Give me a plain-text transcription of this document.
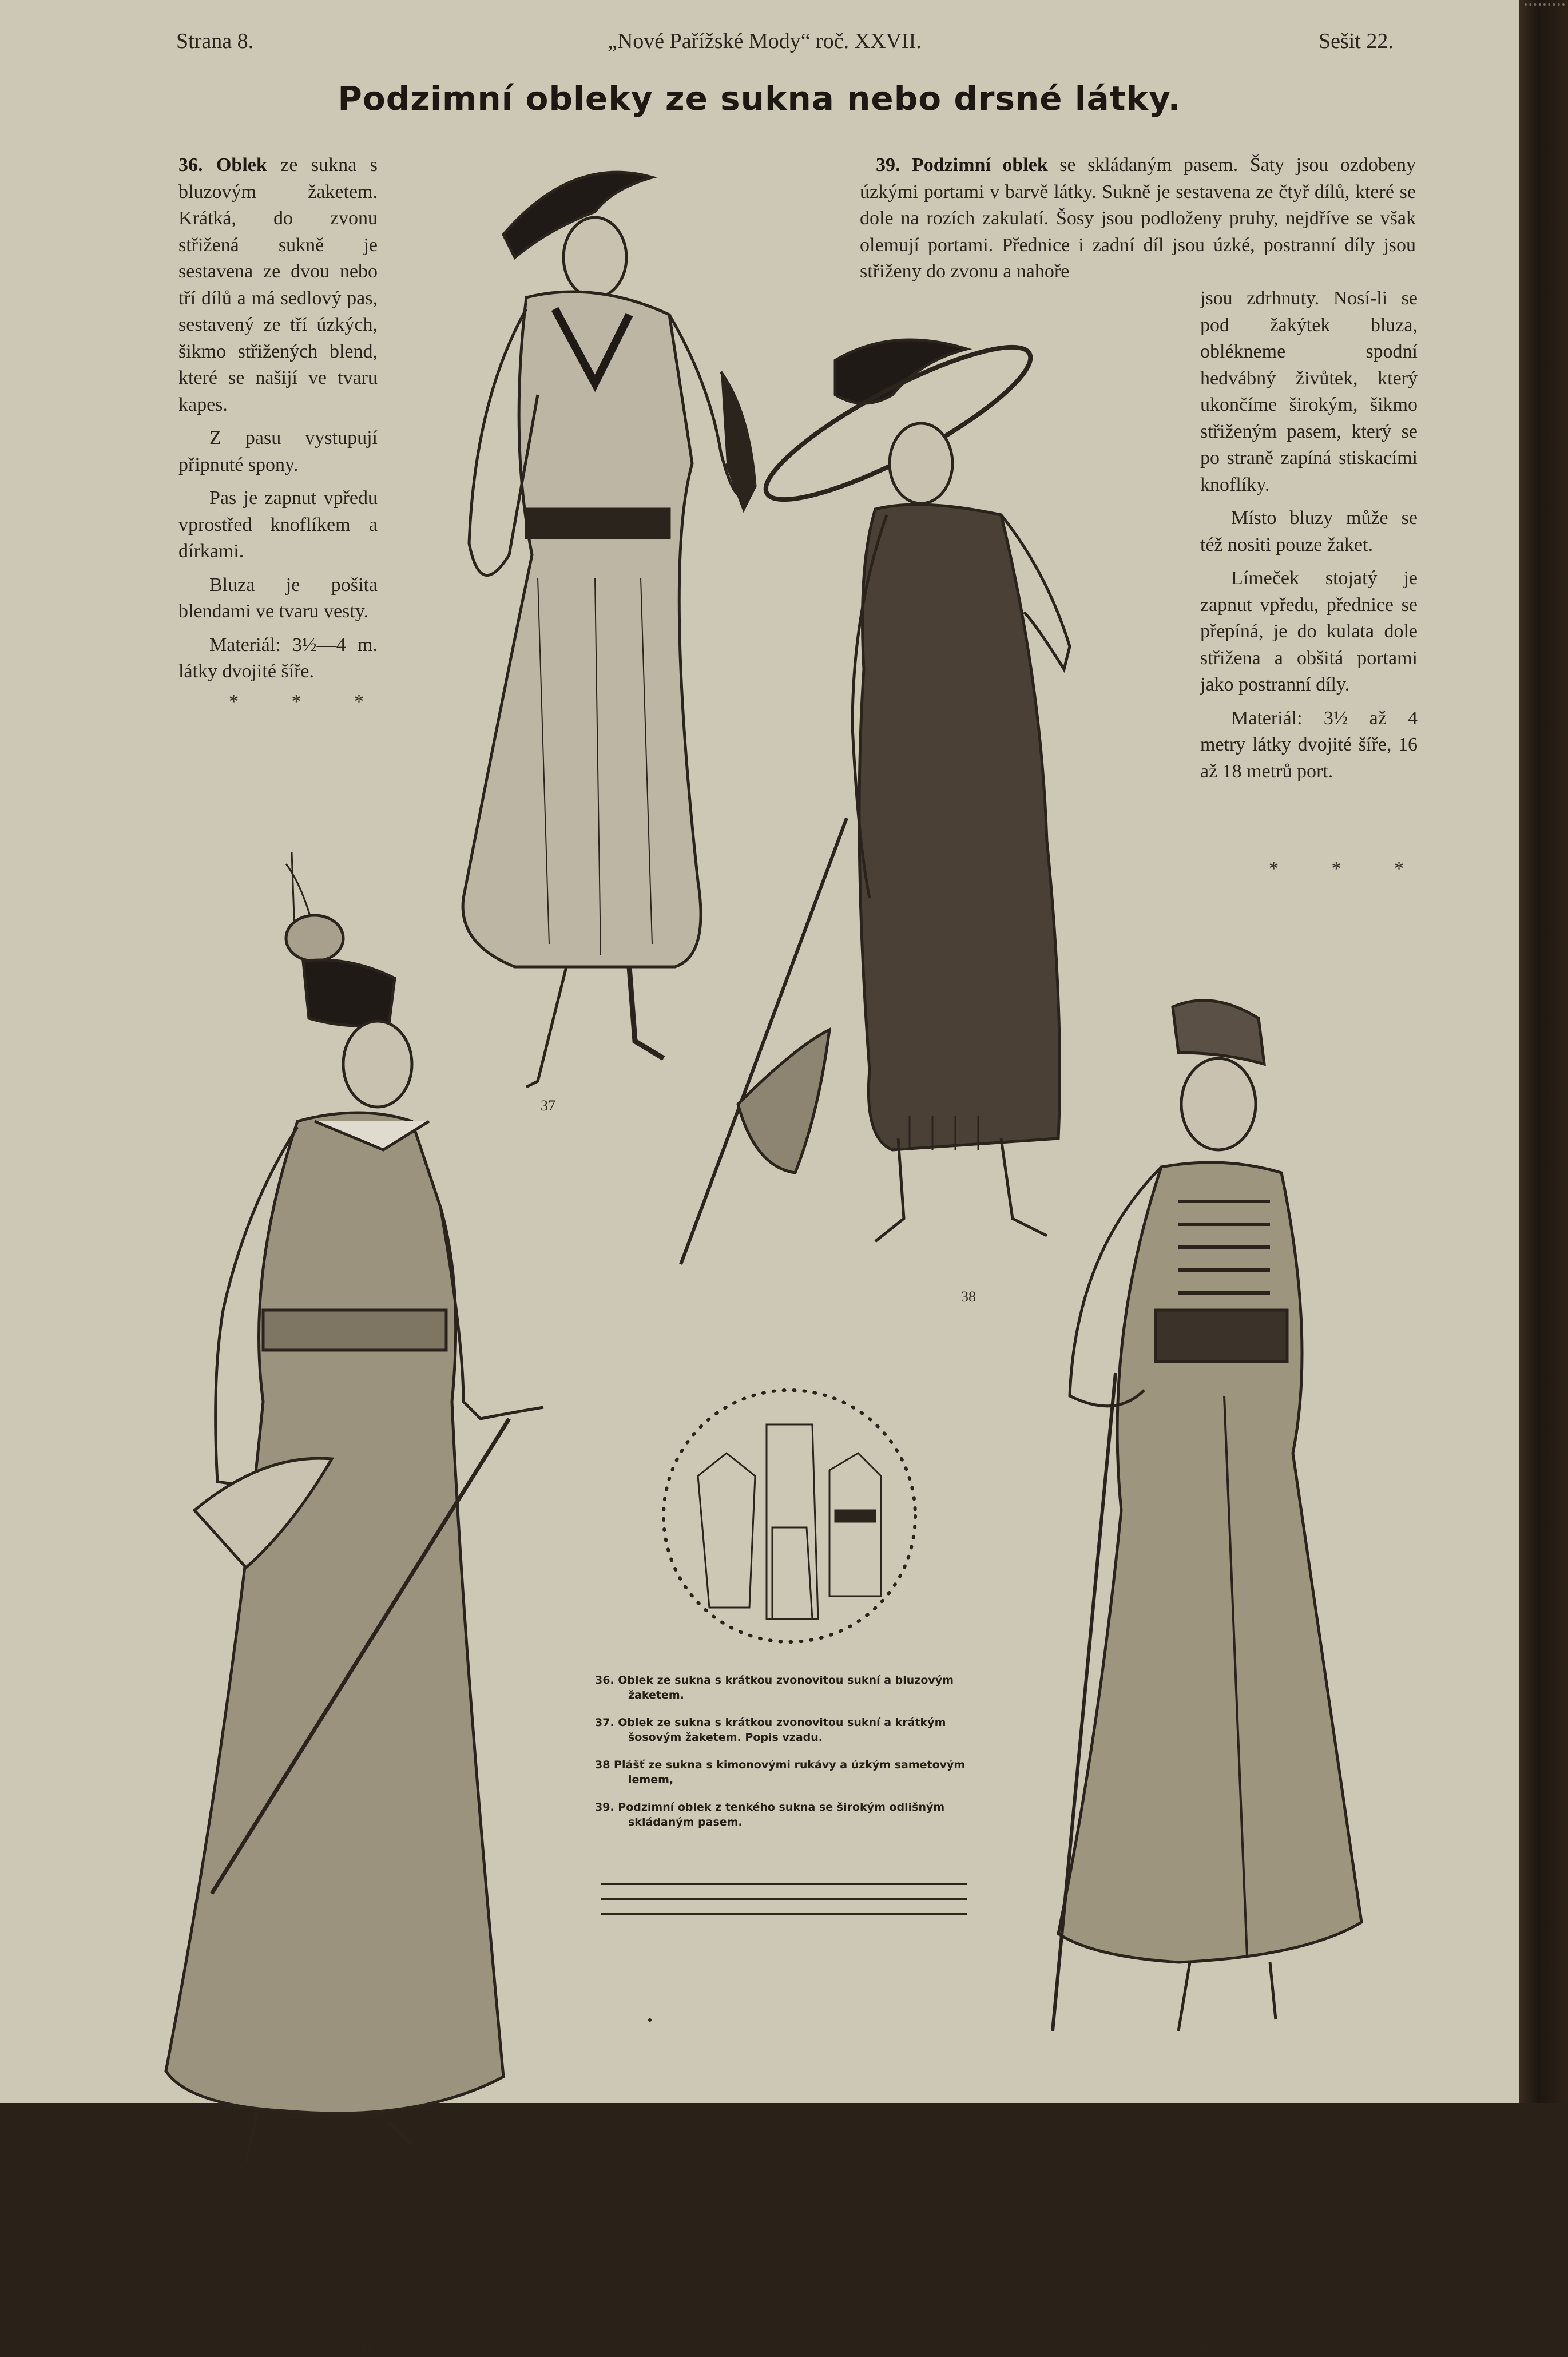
Strana 8.	„Nové Pařížské Mody“ roč. XXVII.	Sešit 22.
Podzimní obleky ze sukna nebo drsné látky.

36. Oblek ze sukna s bluzovým žaketem. Krátká, do zvonu střižená sukně je sestavena ze dvou nebo tří dílů a má sedlový pas, sestavený ze tří úzkých, šikmo střižených blend, které se našijí ve tvaru kapes.

Z pasu vystupují připnuté spony.

Pas je zapnut vpředu vprostřed knoflíkem a dírkami.

Bluza je pošita blendami ve tvaru vesty.

Materiál: 3½—4 m. látky dvojité šíře.

* * *

39. Podzimní oblek se skládaným pasem. Šaty jsou ozdobeny úzkými portami v barvě látky. Sukně je sestavena ze čtyř dílů, které se dole na rozích zakulatí. Šosy jsou podloženy pruhy, nejdříve se však olemují portami. Přednice i zadní díl jsou úzké, postranní díly jsou střiženy do zvonu a nahoře

jsou zdrhnuty. Nosí-li se pod žakýtek bluza, oblékneme spodní hedvábný živůtek, který ukončíme širokým, šikmo střiženým pasem, který se po straně zapíná stiskacími knoflíky.

Místo bluzy může se též nositi pouze žaket.

Límeček stojatý je zapnut vpředu, přednice se přepíná, je do kulata dole střižena a obšitá portami jako postranní díly.

Materiál: 3½ až 4 metry látky dvojité šíře, 16 až 18 metrů port.

* * *
37
38
36	39

36. Oblek ze sukna s krátkou zvonovitou sukní a bluzovým žaketem.

37. Oblek ze sukna s krátkou zvonovitou sukní a krátkým šosovým žaketem. Popis vzadu.

38 Plášť ze sukna s kimonovými rukávy a úzkým sametovým lemem,

39. Podzimní oblek z tenkého sukna se širokým odlišným skládaným pasem.
